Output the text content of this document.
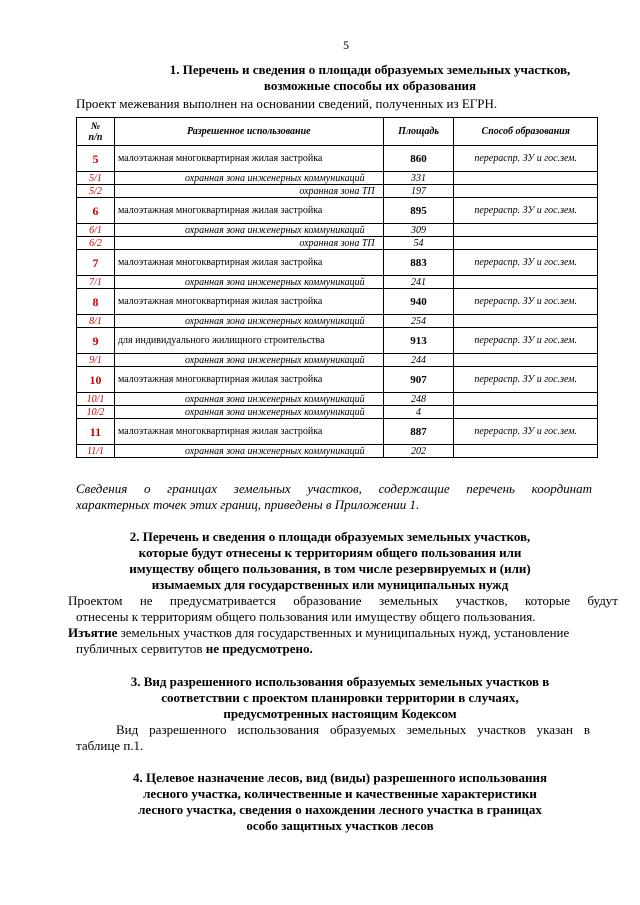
5
1. Перечень и сведения о площади образуемых земельных участков,
возможные способы их образования
Проект межевания выполнен на основании сведений, полученных из ЕГРН.
№
п/п	Разрешенное использование	Площадь	Способ образования
5	малоэтажная многоквартирная жилая застройка	860	перераспр. ЗУ и гос.зем.
5/1	охранная зона инженерных коммуникаций	331	
5/2	охранная зона ТП	197	
6	малоэтажная многоквартирная жилая застройка	895	перераспр. ЗУ и гос.зем.
6/1	охранная зона инженерных коммуникаций	309	
6/2	охранная зона ТП	54	
7	малоэтажная многоквартирная жилая застройка	883	перераспр. ЗУ и гос.зем.
7/1	охранная зона инженерных коммуникаций	241	
8	малоэтажная многоквартирная жилая застройка	940	перераспр. ЗУ и гос.зем.
8/1	охранная зона инженерных коммуникаций	254	
9	для индивидуального жилищного строительства	913	перераспр. ЗУ и гос.зем.
9/1	охранная зона инженерных коммуникаций	244	
10	малоэтажная многоквартирная жилая застройка	907	перераспр. ЗУ и гос.зем.
10/1	охранная зона инженерных коммуникаций	248	
10/2	охранная зона инженерных коммуникаций	4	
11	малоэтажная многоквартирная жилая застройка	887	перераспр. ЗУ и гос.зем.
11/1	охранная зона инженерных коммуникаций	202	
Сведения о границах земельных участков, содержащие перечень координат
характерных точек этих границ, приведены в Приложении 1.
2. Перечень и сведения о площади образуемых земельных участков,
которые будут отнесены к территориям общего пользования или
имуществу общего пользования, в том числе резервируемых и (или)
изымаемых для государственных или муниципальных нужд
Проектом не предусматривается образование земельных участков, которые будут
отнесены к территориям общего пользования или имуществу общего пользования.
Изъятие земельных участков для государственных и муниципальных нужд, установление
публичных сервитутов не предусмотрено.
3. Вид разрешенного использования образуемых земельных участков в
соответствии с проектом планировки территории в случаях,
предусмотренных настоящим Кодексом
Вид разрешенного использования образуемых земельных участков указан в
таблице п.1.
4. Целевое назначение лесов, вид (виды) разрешенного использования
лесного участка, количественные и качественные характеристики
лесного участка, сведения о нахождении лесного участка в границах
особо защитных участков лесов
